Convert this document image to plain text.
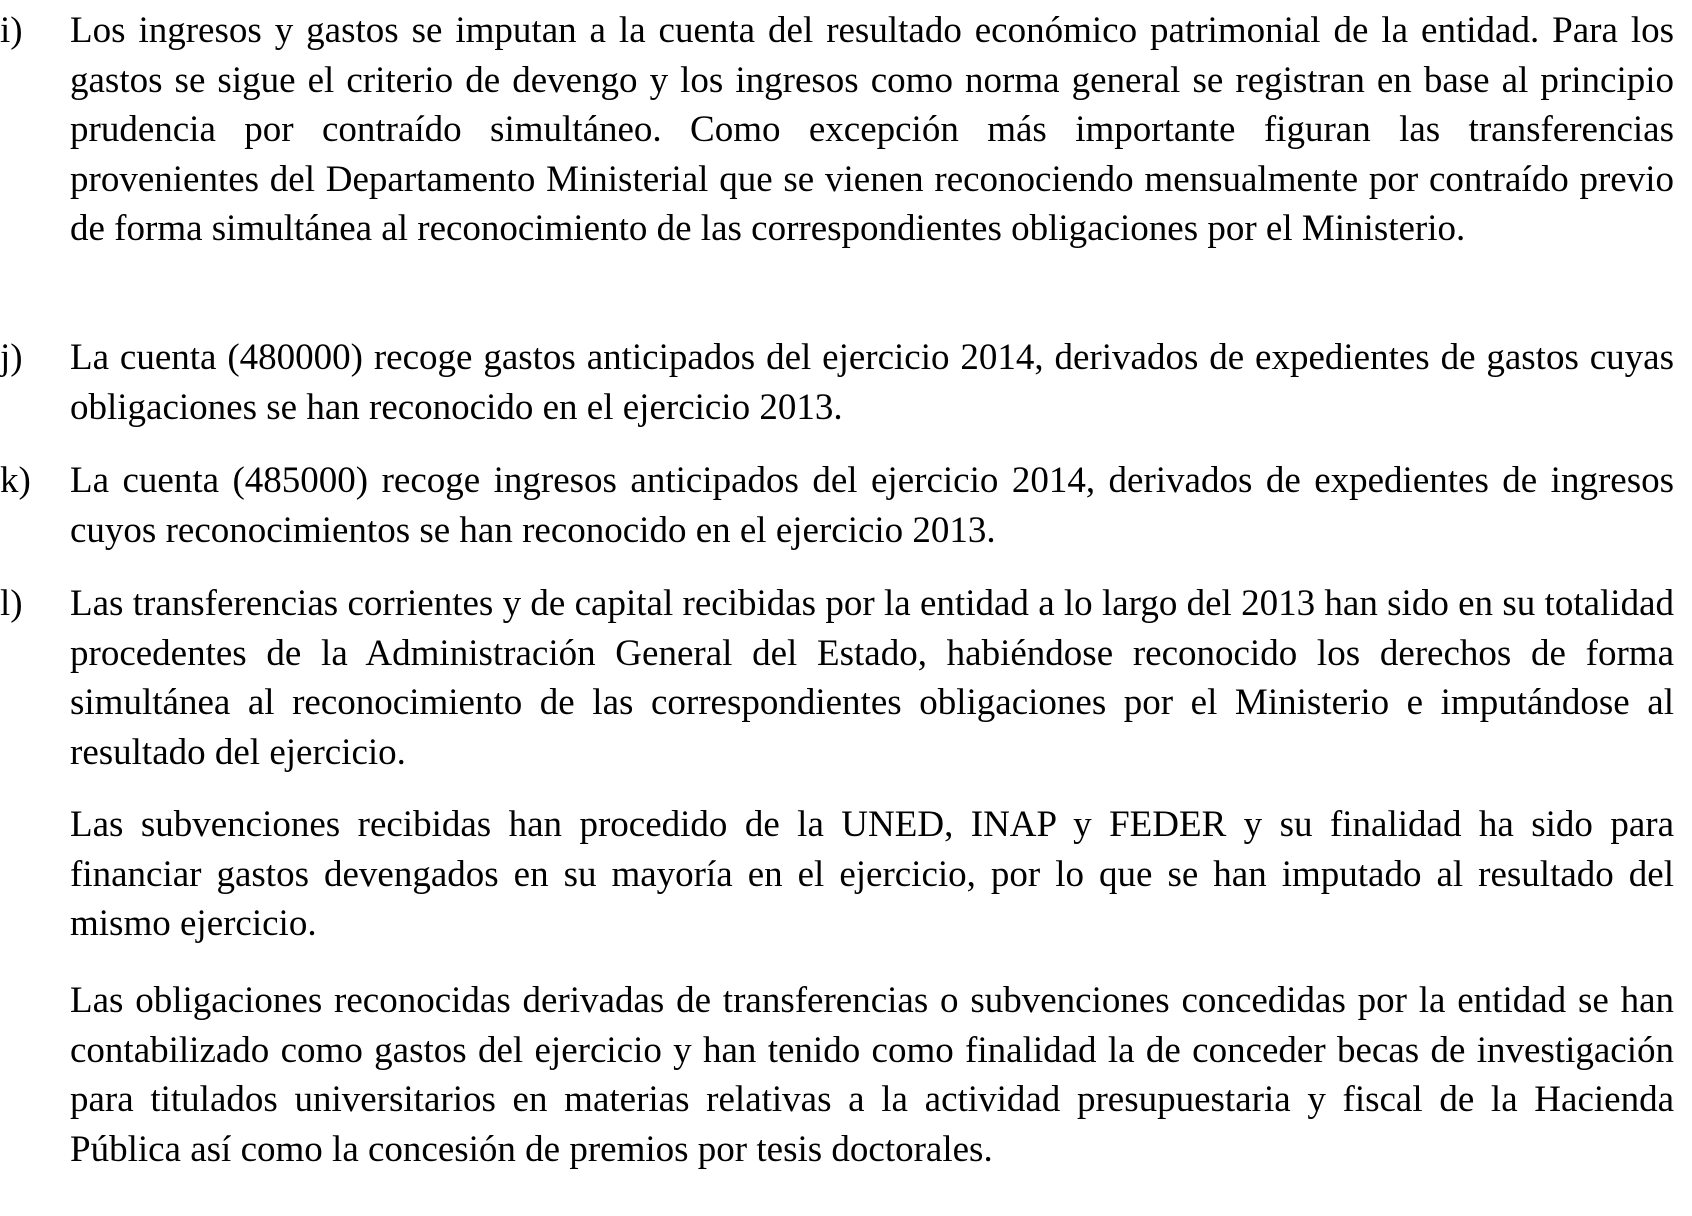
i)	Los ingresos y gastos se imputan a la cuenta del resultado económico patrimonial de la entidad. Para los gastos se sigue el criterio de devengo y los ingresos como norma general se registran en base al principio prudencia por contraído simultáneo. Como excepción más importante figuran las transferencias provenientes del Departamento Ministerial que se vienen reconociendo mensualmente por contraído previo de forma simultánea al reconocimiento de las correspondientes obligaciones por el Ministerio.

j)	La cuenta (480000) recoge gastos anticipados del ejercicio 2014, derivados de expedientes de gastos cuyas obligaciones se han reconocido en el ejercicio 2013.

k)	La cuenta (485000) recoge ingresos anticipados del ejercicio 2014, derivados de expedientes de ingresos cuyos reconocimientos se han reconocido en el ejercicio 2013.

l)	Las transferencias corrientes y de capital recibidas por la entidad a lo largo del 2013 han sido en su totalidad procedentes de la Administración General del Estado, habiéndose reconocido los derechos de forma simultánea al reconocimiento de las correspondientes obligaciones por el Ministerio e imputándose al resultado del ejercicio.

Las subvenciones recibidas han procedido de la UNED, INAP y FEDER y su finalidad ha sido para financiar gastos devengados en su mayoría en el ejercicio, por lo que se han imputado al resultado del mismo ejercicio.

Las obligaciones reconocidas derivadas de transferencias o subvenciones concedidas por la entidad se han contabilizado como gastos del ejercicio y han tenido como finalidad la de conceder becas de investigación para titulados universitarios en materias relativas a la actividad presupuestaria y fiscal de la Hacienda Pública así como la concesión de premios por tesis doctorales.
